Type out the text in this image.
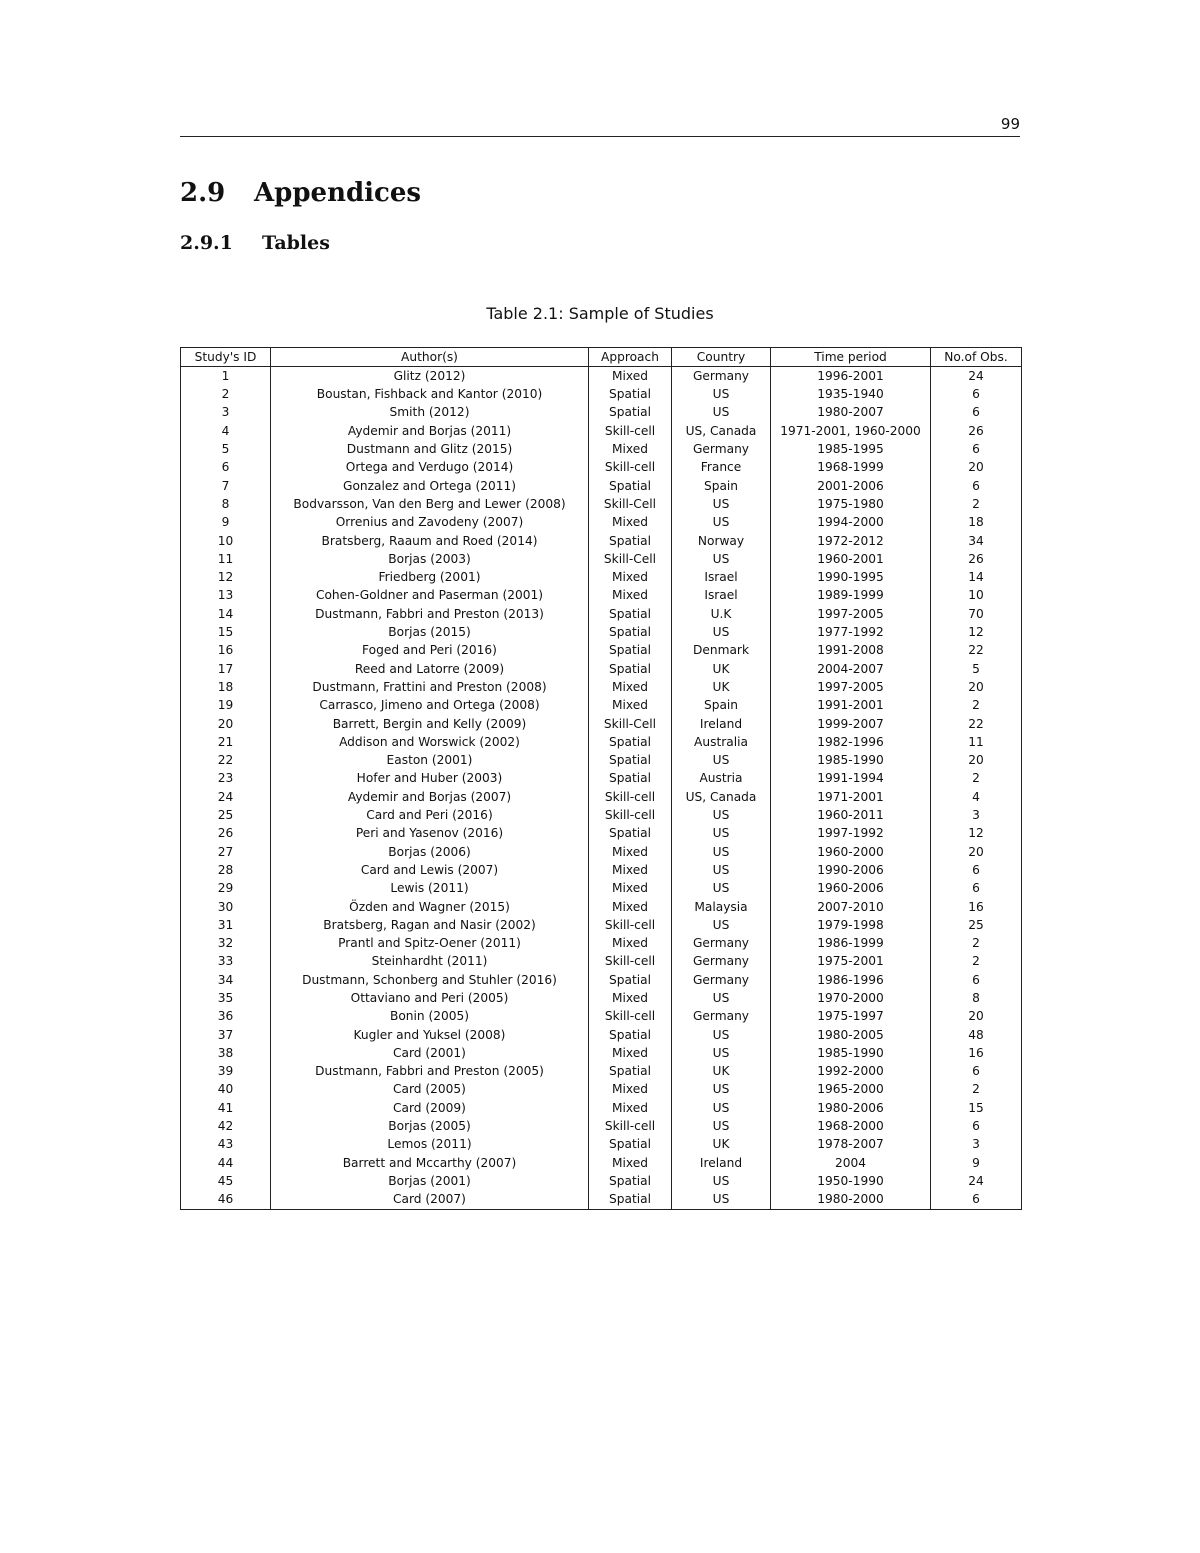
99
2.9 Appendices
2.9.1 Tables
Table 2.1: Sample of Studies
Study's ID	Author(s)	Approach	Country	Time period	No.of Obs.
1	Glitz (2012)	Mixed	Germany	1996-2001	24
2	Boustan, Fishback and Kantor (2010)	Spatial	US	1935-1940	6
3	Smith (2012)	Spatial	US	1980-2007	6
4	Aydemir and Borjas (2011)	Skill-cell	US, Canada	1971-2001, 1960-2000	26
5	Dustmann and Glitz (2015)	Mixed	Germany	1985-1995	6
6	Ortega and Verdugo (2014)	Skill-cell	France	1968-1999	20
7	Gonzalez and Ortega (2011)	Spatial	Spain	2001-2006	6
8	Bodvarsson, Van den Berg and Lewer (2008)	Skill-Cell	US	1975-1980	2
9	Orrenius and Zavodeny (2007)	Mixed	US	1994-2000	18
10	Bratsberg, Raaum and Roed (2014)	Spatial	Norway	1972-2012	34
11	Borjas (2003)	Skill-Cell	US	1960-2001	26
12	Friedberg (2001)	Mixed	Israel	1990-1995	14
13	Cohen-Goldner and Paserman (2001)	Mixed	Israel	1989-1999	10
14	Dustmann, Fabbri and Preston (2013)	Spatial	U.K	1997-2005	70
15	Borjas (2015)	Spatial	US	1977-1992	12
16	Foged and Peri (2016)	Spatial	Denmark	1991-2008	22
17	Reed and Latorre (2009)	Spatial	UK	2004-2007	5
18	Dustmann, Frattini and Preston (2008)	Mixed	UK	1997-2005	20
19	Carrasco, Jimeno and Ortega (2008)	Mixed	Spain	1991-2001	2
20	Barrett, Bergin and Kelly (2009)	Skill-Cell	Ireland	1999-2007	22
21	Addison and Worswick (2002)	Spatial	Australia	1982-1996	11
22	Easton (2001)	Spatial	US	1985-1990	20
23	Hofer and Huber (2003)	Spatial	Austria	1991-1994	2
24	Aydemir and Borjas (2007)	Skill-cell	US, Canada	1971-2001	4
25	Card and Peri (2016)	Skill-cell	US	1960-2011	3
26	Peri and Yasenov (2016)	Spatial	US	1997-1992	12
27	Borjas (2006)	Mixed	US	1960-2000	20
28	Card and Lewis (2007)	Mixed	US	1990-2006	6
29	Lewis (2011)	Mixed	US	1960-2006	6
30	Özden and Wagner (2015)	Mixed	Malaysia	2007-2010	16
31	Bratsberg, Ragan and Nasir (2002)	Skill-cell	US	1979-1998	25
32	Prantl and Spitz-Oener (2011)	Mixed	Germany	1986-1999	2
33	Steinhardht (2011)	Skill-cell	Germany	1975-2001	2
34	Dustmann, Schonberg and Stuhler (2016)	Spatial	Germany	1986-1996	6
35	Ottaviano and Peri (2005)	Mixed	US	1970-2000	8
36	Bonin (2005)	Skill-cell	Germany	1975-1997	20
37	Kugler and Yuksel (2008)	Spatial	US	1980-2005	48
38	Card (2001)	Mixed	US	1985-1990	16
39	Dustmann, Fabbri and Preston (2005)	Spatial	UK	1992-2000	6
40	Card (2005)	Mixed	US	1965-2000	2
41	Card (2009)	Mixed	US	1980-2006	15
42	Borjas (2005)	Skill-cell	US	1968-2000	6
43	Lemos (2011)	Spatial	UK	1978-2007	3
44	Barrett and Mccarthy (2007)	Mixed	Ireland	2004	9
45	Borjas (2001)	Spatial	US	1950-1990	24
46	Card (2007)	Spatial	US	1980-2000	6
